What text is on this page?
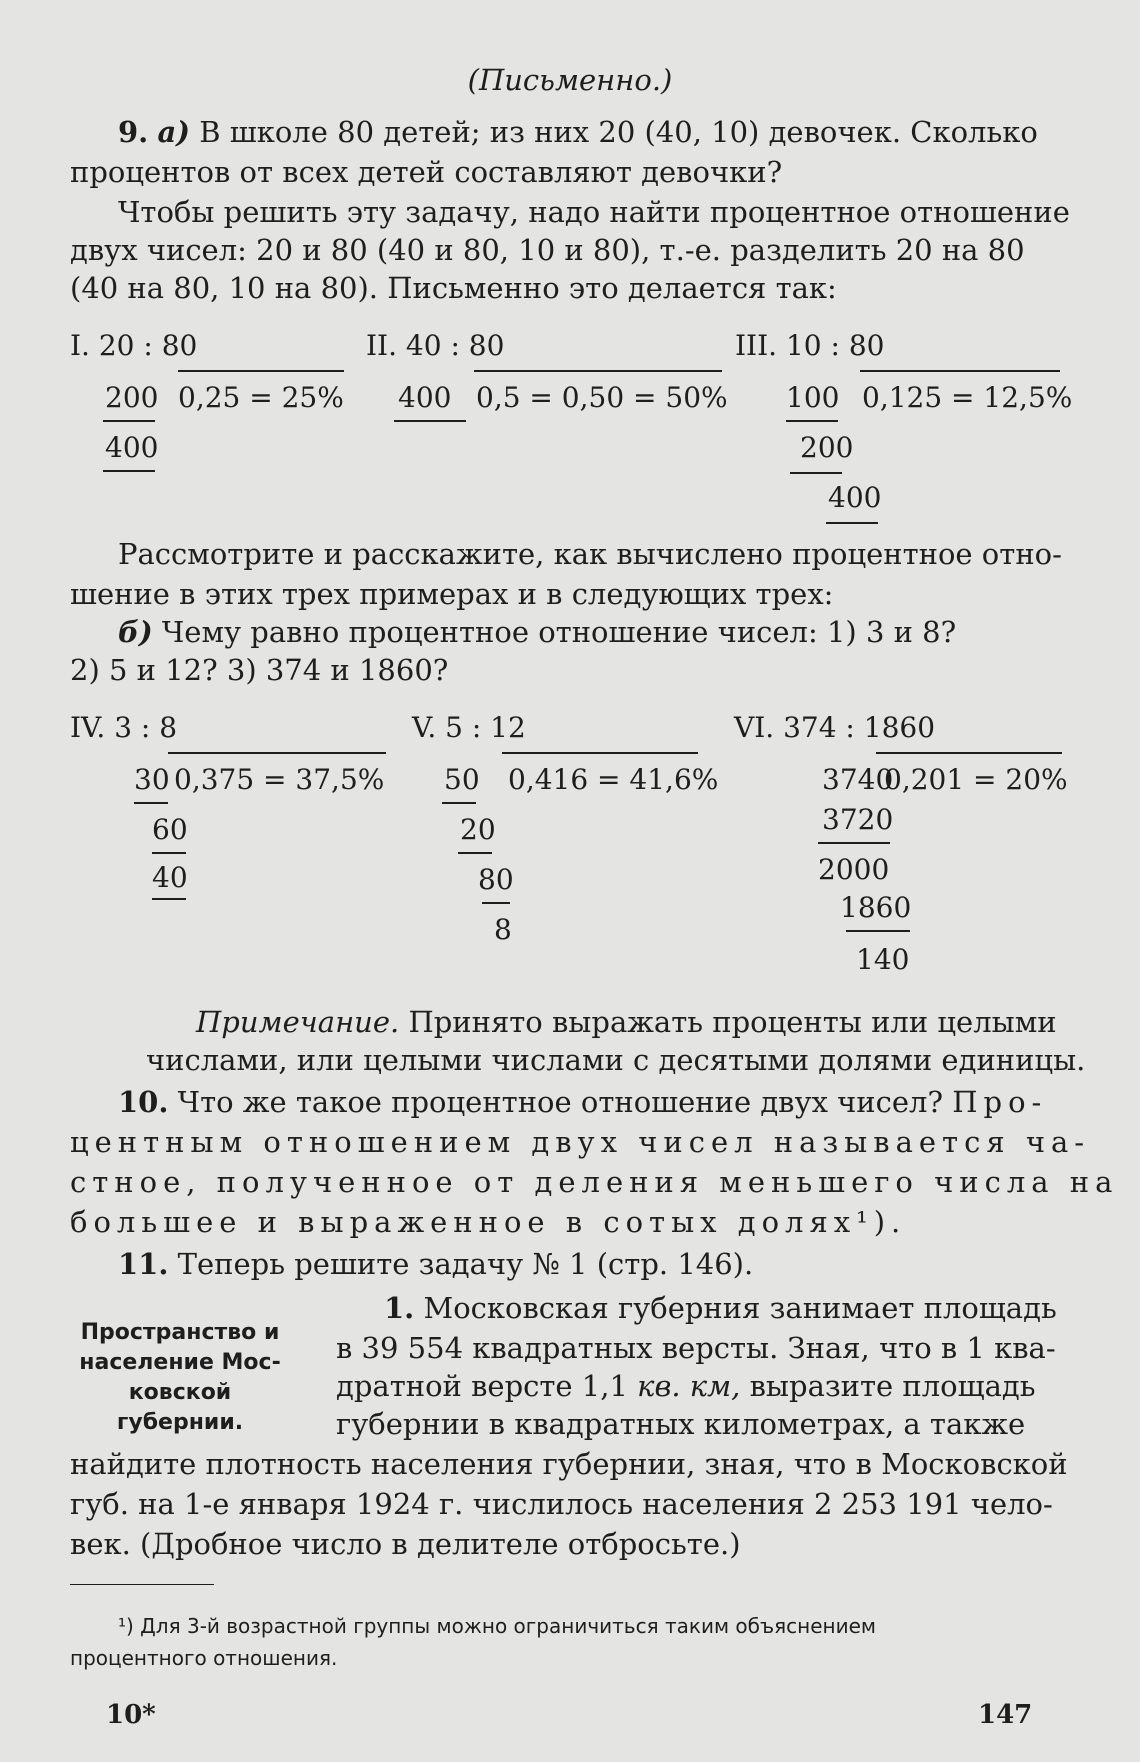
(Письменно.)
9. а) В школе 80 детей; из них 20 (40, 10) девочек. Сколько
процентов от всех детей составляют девочки?
Чтобы решить эту задачу, надо найти процентное отношение
двух чисел: 20 и 80 (40 и 80, 10 и 80), т.-е. разделить 20 на 80
(40 на 80, 10 на 80). Письменно это делается так:
I. 20 : 80
200 0,25 = 25%
400
II. 40 : 80
400 0,5 = 0,50 = 50%
III. 10 : 80
100 0,125 = 12,5%
200
400
Рассмотрите и расскажите, как вычислено процентное отно-
шение в этих трех примерах и в следующих трех:
б) Чему равно процентное отношение чисел: 1) 3 и 8?
2) 5 и 12? 3) 374 и 1860?
IV. 3 : 8
30 0,375 = 37,5%
60
40
V. 5 : 12
50 0,416 = 41,6%
20
80
8
VI. 374 : 1860
3740
0,201 = 20%
3720
2000
1860
140
Примечание. Принято выражать проценты или целыми
числами, или целыми числами с десятыми долями единицы.
10. Что же такое процентное отношение двух чисел? Про-
центным отношением двух чисел называется ча-
стное, полученное от деления меньшего числа на
большее и выраженное в сотых долях¹).
11. Теперь решите задачу № 1 (стр. 146).
Пространство и
население Мос-
ковской губернии.
1. Московская губерния занимает площадь
в 39 554 квадратных версты. Зная, что в 1 ква-
дратной версте 1,1 кв. км, выразите площадь
губернии в квадратных километрах, а также
найдите плотность населения губернии, зная, что в Московской
губ. на 1-е января 1924 г. числилось населения 2 253 191 чело-
век. (Дробное число в делителе отбросьте.)
¹) Для 3-й возрастной группы можно ограничиться таким объяснением
процентного отношения.
10*	147
